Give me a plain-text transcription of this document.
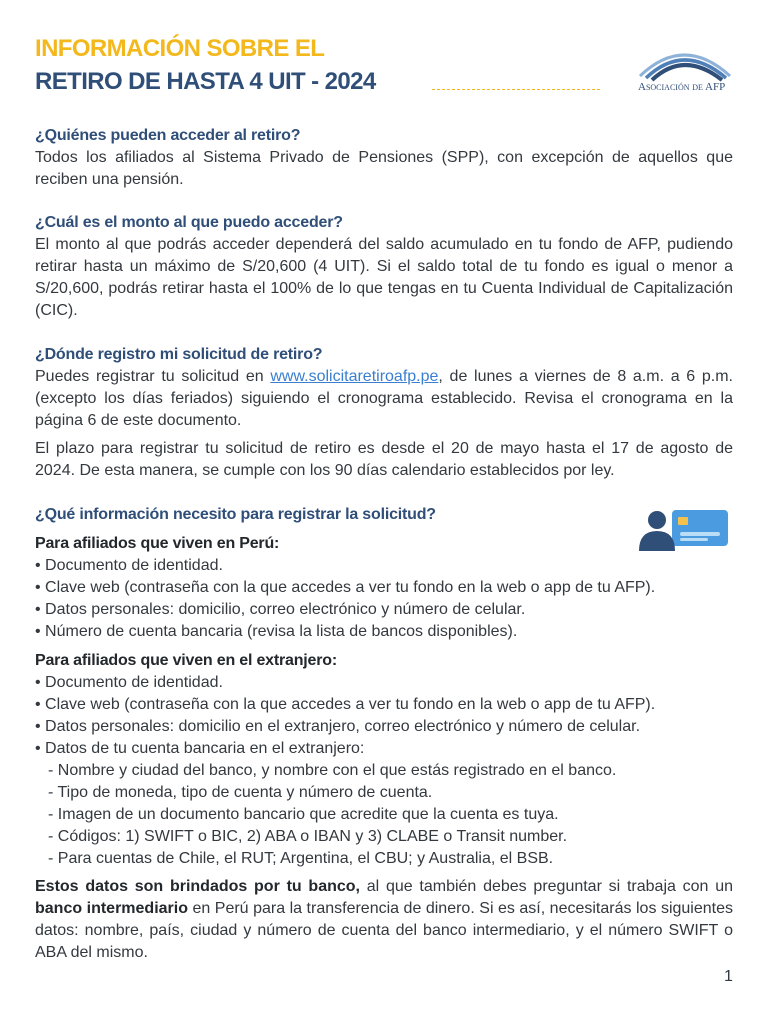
INFORMACIÓN SOBRE EL
RETIRO DE HASTA 4 UIT - 2024	Asociación de AFP
¿Quiénes pueden acceder al retiro?
Todos los afiliados al Sistema Privado de Pensiones (SPP), con excepción de aquellos que reciben una pensión.
¿Cuál es el monto al que puedo acceder?
El monto al que podrás acceder dependerá del saldo acumulado en tu fondo de AFP, pudiendo retirar hasta un máximo de S/20,600 (4 UIT). Si el saldo total de tu fondo es igual o menor a S/20,600, podrás retirar hasta el 100% de lo que tengas en tu Cuenta Individual de Capitalización (CIC).
¿Dónde registro mi solicitud de retiro?
Puedes registrar tu solicitud en www.solicitaretiroafp.pe, de lunes a viernes de 8 a.m. a 6 p.m. (excepto los días feriados) siguiendo el cronograma establecido. Revisa el cronograma en la página 6 de este documento.
El plazo para registrar tu solicitud de retiro es desde el 20 de mayo hasta el 17 de agosto de 2024. De esta manera, se cumple con los 90 días calendario establecidos por ley.
¿Qué información necesito para registrar la solicitud?
Para afiliados que viven en Perú:
• Documento de identidad.
• Clave web (contraseña con la que accedes a ver tu fondo en la web o app de tu AFP).
• Datos personales: domicilio, correo electrónico y número de celular.
• Número de cuenta bancaria (revisa la lista de bancos disponibles).
Para afiliados que viven en el extranjero:
• Documento de identidad.
• Clave web (contraseña con la que accedes a ver tu fondo en la web o app de tu AFP).
• Datos personales: domicilio en el extranjero, correo electrónico y número de celular.
• Datos de tu cuenta bancaria en el extranjero:
- Nombre y ciudad del banco, y nombre con el que estás registrado en el banco.
- Tipo de moneda, tipo de cuenta y número de cuenta.
- Imagen de un documento bancario que acredite que la cuenta es tuya.
- Códigos: 1) SWIFT o BIC, 2) ABA o IBAN y 3) CLABE o Transit number.
- Para cuentas de Chile, el RUT; Argentina, el CBU; y Australia, el BSB.
Estos datos son brindados por tu banco, al que también debes preguntar si trabaja con un banco intermediario en Perú para la transferencia de dinero. Si es así, necesitarás los siguientes datos: nombre, país, ciudad y número de cuenta del banco intermediario, y el número SWIFT o ABA del mismo.
1
